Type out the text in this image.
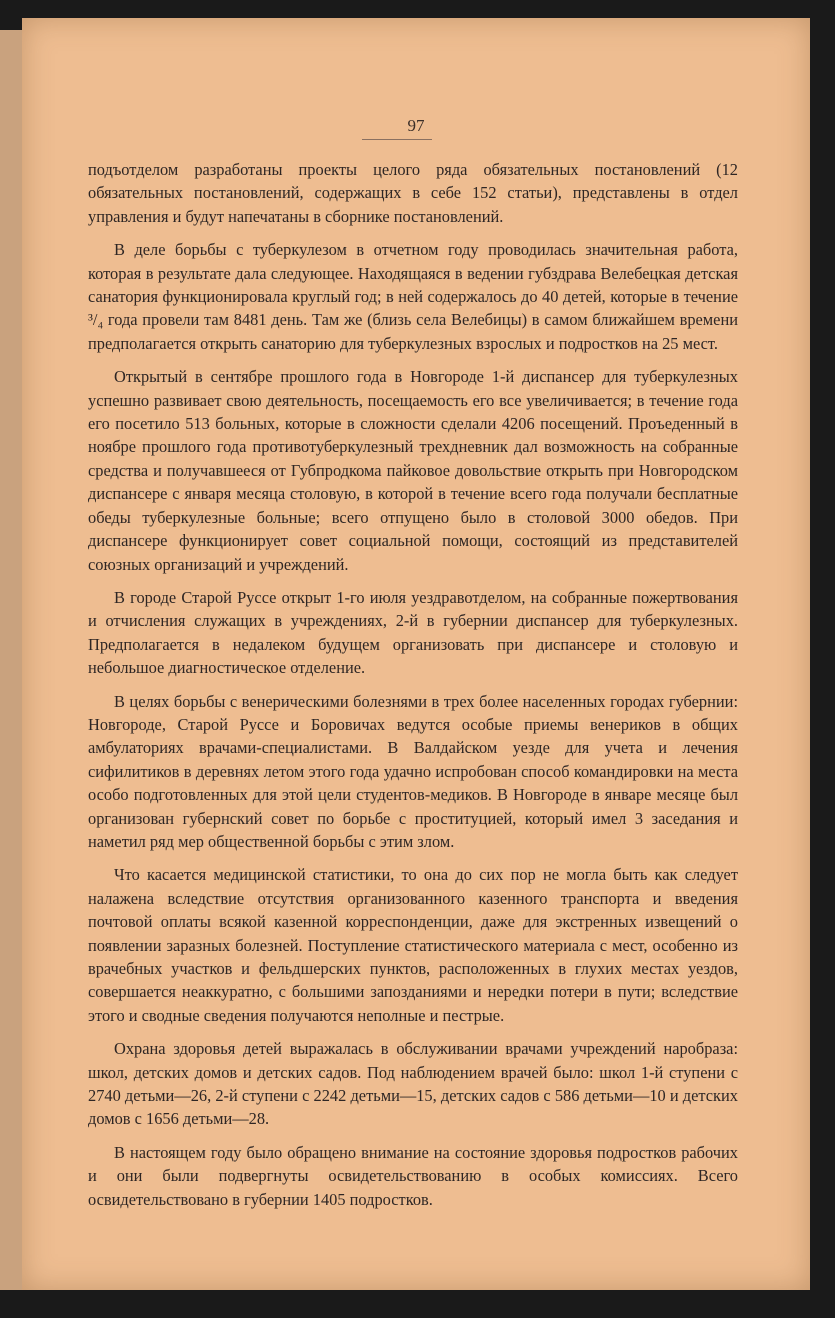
97

подъотделом разработаны проекты целого ряда обязательных постановлений (12 обязательных постановлений, содержащих в себе 152 статьи), представлены в отдел управления и будут напечатаны в сборнике постановлений.

В деле борьбы с туберкулезом в отчетном году проводилась значительная работа, которая в результате дала следующее. Находящаяся в ведении губздрава Велебецкая детская санатория функционировала круглый год; в ней содержалось до 40 детей, которые в течение ³/₄ года провели там 8481 день. Там же (близь села Велебицы) в самом ближайшем времени предполагается открыть санаторию для туберкулезных взрослых и подростков на 25 мест.

Открытый в сентябре прошлого года в Новгороде 1-й диспансер для туберкулезных успешно развивает свою деятельность, посещаемость его все увеличивается; в течение года его посетило 513 больных, которые в сложности сделали 4206 посещений. Проъеденный в ноябре прошлого года противотуберкулезный трехдневник дал возможность на собранные средства и получавшееся от Губпродкома пайковое довольствие открыть при Новгородском диспансере с января месяца столовую, в которой в течение всего года получали бесплатные обеды туберкулезные больные; всего отпущено было в столовой 3000 обедов. При диспансере функционирует совет социальной помощи, состоящий из представителей союзных организаций и учреждений.

В городе Старой Руссе открыт 1-го июля уездравотделом, на собранные пожертвования и отчисления служащих в учреждениях, 2-й в губернии диспансер для туберкулезных. Предполагается в недалеком будущем организовать при диспансере и столовую и небольшое диагностическое отделение.

В целях борьбы с венерическими болезнями в трех более населенных городах губернии: Новгороде, Старой Руссе и Боровичах ведутся особые приемы венериков в общих амбулаториях врачами-специалистами. В Валдайском уезде для учета и лечения сифилитиков в деревнях летом этого года удачно испробован способ командировки на места особо подготовленных для этой цели студентов-медиков. В Новгороде в январе месяце был организован губернский совет по борьбе с проституцией, который имел 3 заседания и наметил ряд мер общественной борьбы с этим злом.

Что касается медицинской статистики, то она до сих пор не могла быть как следует налажена вследствие отсутствия организованного казенного транспорта и введения почтовой оплаты всякой казенной корреспонденции, даже для экстренных извещений о появлении заразных болезней. Поступление статистического материала с мест, особенно из врачебных участков и фельдшерских пунктов, расположенных в глухих местах уездов, совершается неаккуратно, с большими запозданиями и нередки потери в пути; вследствие этого и сводные сведения получаются неполные и пестрые.

Охрана здоровья детей выражалась в обслуживании врачами учреждений наробраза: школ, детских домов и детских садов. Под наблюдением врачей было: школ 1-й ступени с 2740 детьми—26, 2-й ступени с 2242 детьми—15, детских садов с 586 детьми—10 и детских домов с 1656 детьми—28.

В настоящем году было обращено внимание на состояние здоровья подростков рабочих и они были подвергнуты освидетельствованию в особых комиссиях. Всего освидетельствовано в губернии 1405 подростков.
